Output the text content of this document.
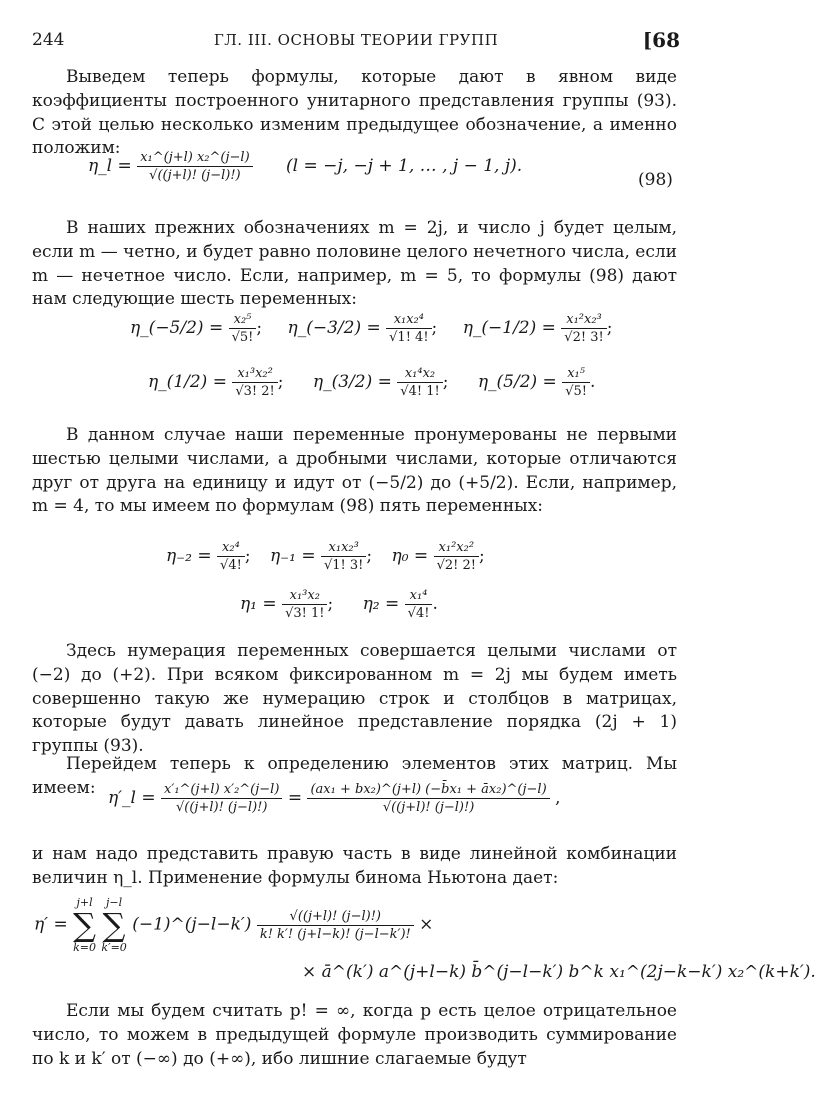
244	ГЛ. III. ОСНОВЫ ТЕОРИИ ГРУПП	[68

Выведем теперь формулы, которые дают в явном виде коэффициенты построенного унитарного представления группы (93). С этой целью несколько изменим предыдущее обозначение, а именно положим:

η_l = $\frac{\text{x₁\textasciicircum{}(j+l) x₂\textasciicircum{}(j−l)}}{√((j+l)! (j-l)!)} (l = -j$, −j + 1, … , j − 1, j).
(98)

В наших прежних обозначениях m = 2j, и число j будет целым, если m — четно, и будет равно половине целого нечетного числа, если m — нечетное число. Если, например, m = 5, то формулы (98) дают нам следующие шесть переменных:

η_(−5/2) = $\frac{\text{x₂⁵}}{√5!}$ ; η_(−3/2) = $\frac{\text{x₁x₂⁴}}{√1! 4!}$ ; η_(−1/2) = $\frac{\text{x₁²x₂³}}{√2! 3!}$ ;
η_(1/2) = $\frac{\text{x₁³x₂²}}{√3! 2!}$ ; η_(3/2) = $\frac{\text{x₁⁴x₂}}{√4! 1!}$ ; η_(5/2) = $\frac{\text{x₁⁵}}{√5!}$ .

В данном случае наши переменные пронумерованы не первыми шестью целыми числами, а дробными числами, которые отличаются друг от друга на единицу и идут от (−5/2) до (+5/2). Если, например, m = 4, то мы имеем по формулам (98) пять переменных:

$\eta_{-2} = \frac{\text{x₂⁴}}{√4!}$ ; $\eta_{-1} = \frac{\text{x₁x₂³}}{√1! 3!}$ ; $\eta_0 = \frac{\text{x₁²x₂²}}{√2! 2!}$ ;
$\eta_1 = \frac{\text{x₁³x₂}}{√3! 1!}$ ; $\eta_2 = \frac{\text{x₁⁴}}{√4!}$ .

Здесь нумерация переменных совершается целыми числами от (−2) до (+2). При всяком фиксированном m = 2j мы будем иметь совершенно такую же нумерацию строк и столбцов в матрицах, которые будут давать линейное представление порядка (2j + 1) группы (93).

Перейдем теперь к определению элементов этих матриц. Мы имеем:

η′_l = $\frac{\text{x′₁\textasciicircum{}(j+l) x′₂\textasciicircum{}(j−l)}}{√((j+l)! (j-l)!)} = \frac{\text{(ax₁ + bx₂)\textasciicircum{}(j+l) (−b̄x₁ + āx₂)\textasciicircum{}(j−l)}}{√((j+l)! (j-l)!)}$ ,

и нам надо представить правую часть в виде линейной комбинации величин η_l. Применение формулы бинома Ньютона дает:

η′ =
j+l
∑
k=0

j−l
∑
k′=0
(−1)^(j−l−k′) $\frac{√((j+l)! (j-l)!)}{k! k'! (j+l-k)! (j-l-k')!}$ ×
× ā^(k′) a^(j+l−k) b̄^(j−l−k′) b^k x₁^(2j−k−k′) x₂^(k+k′).

Если мы будем считать p! = ∞, когда p есть целое отрицательное число, то можем в предыдущей формуле производить суммирование по k и k′ от (−∞) до (+∞), ибо лишние слагаемые будут
